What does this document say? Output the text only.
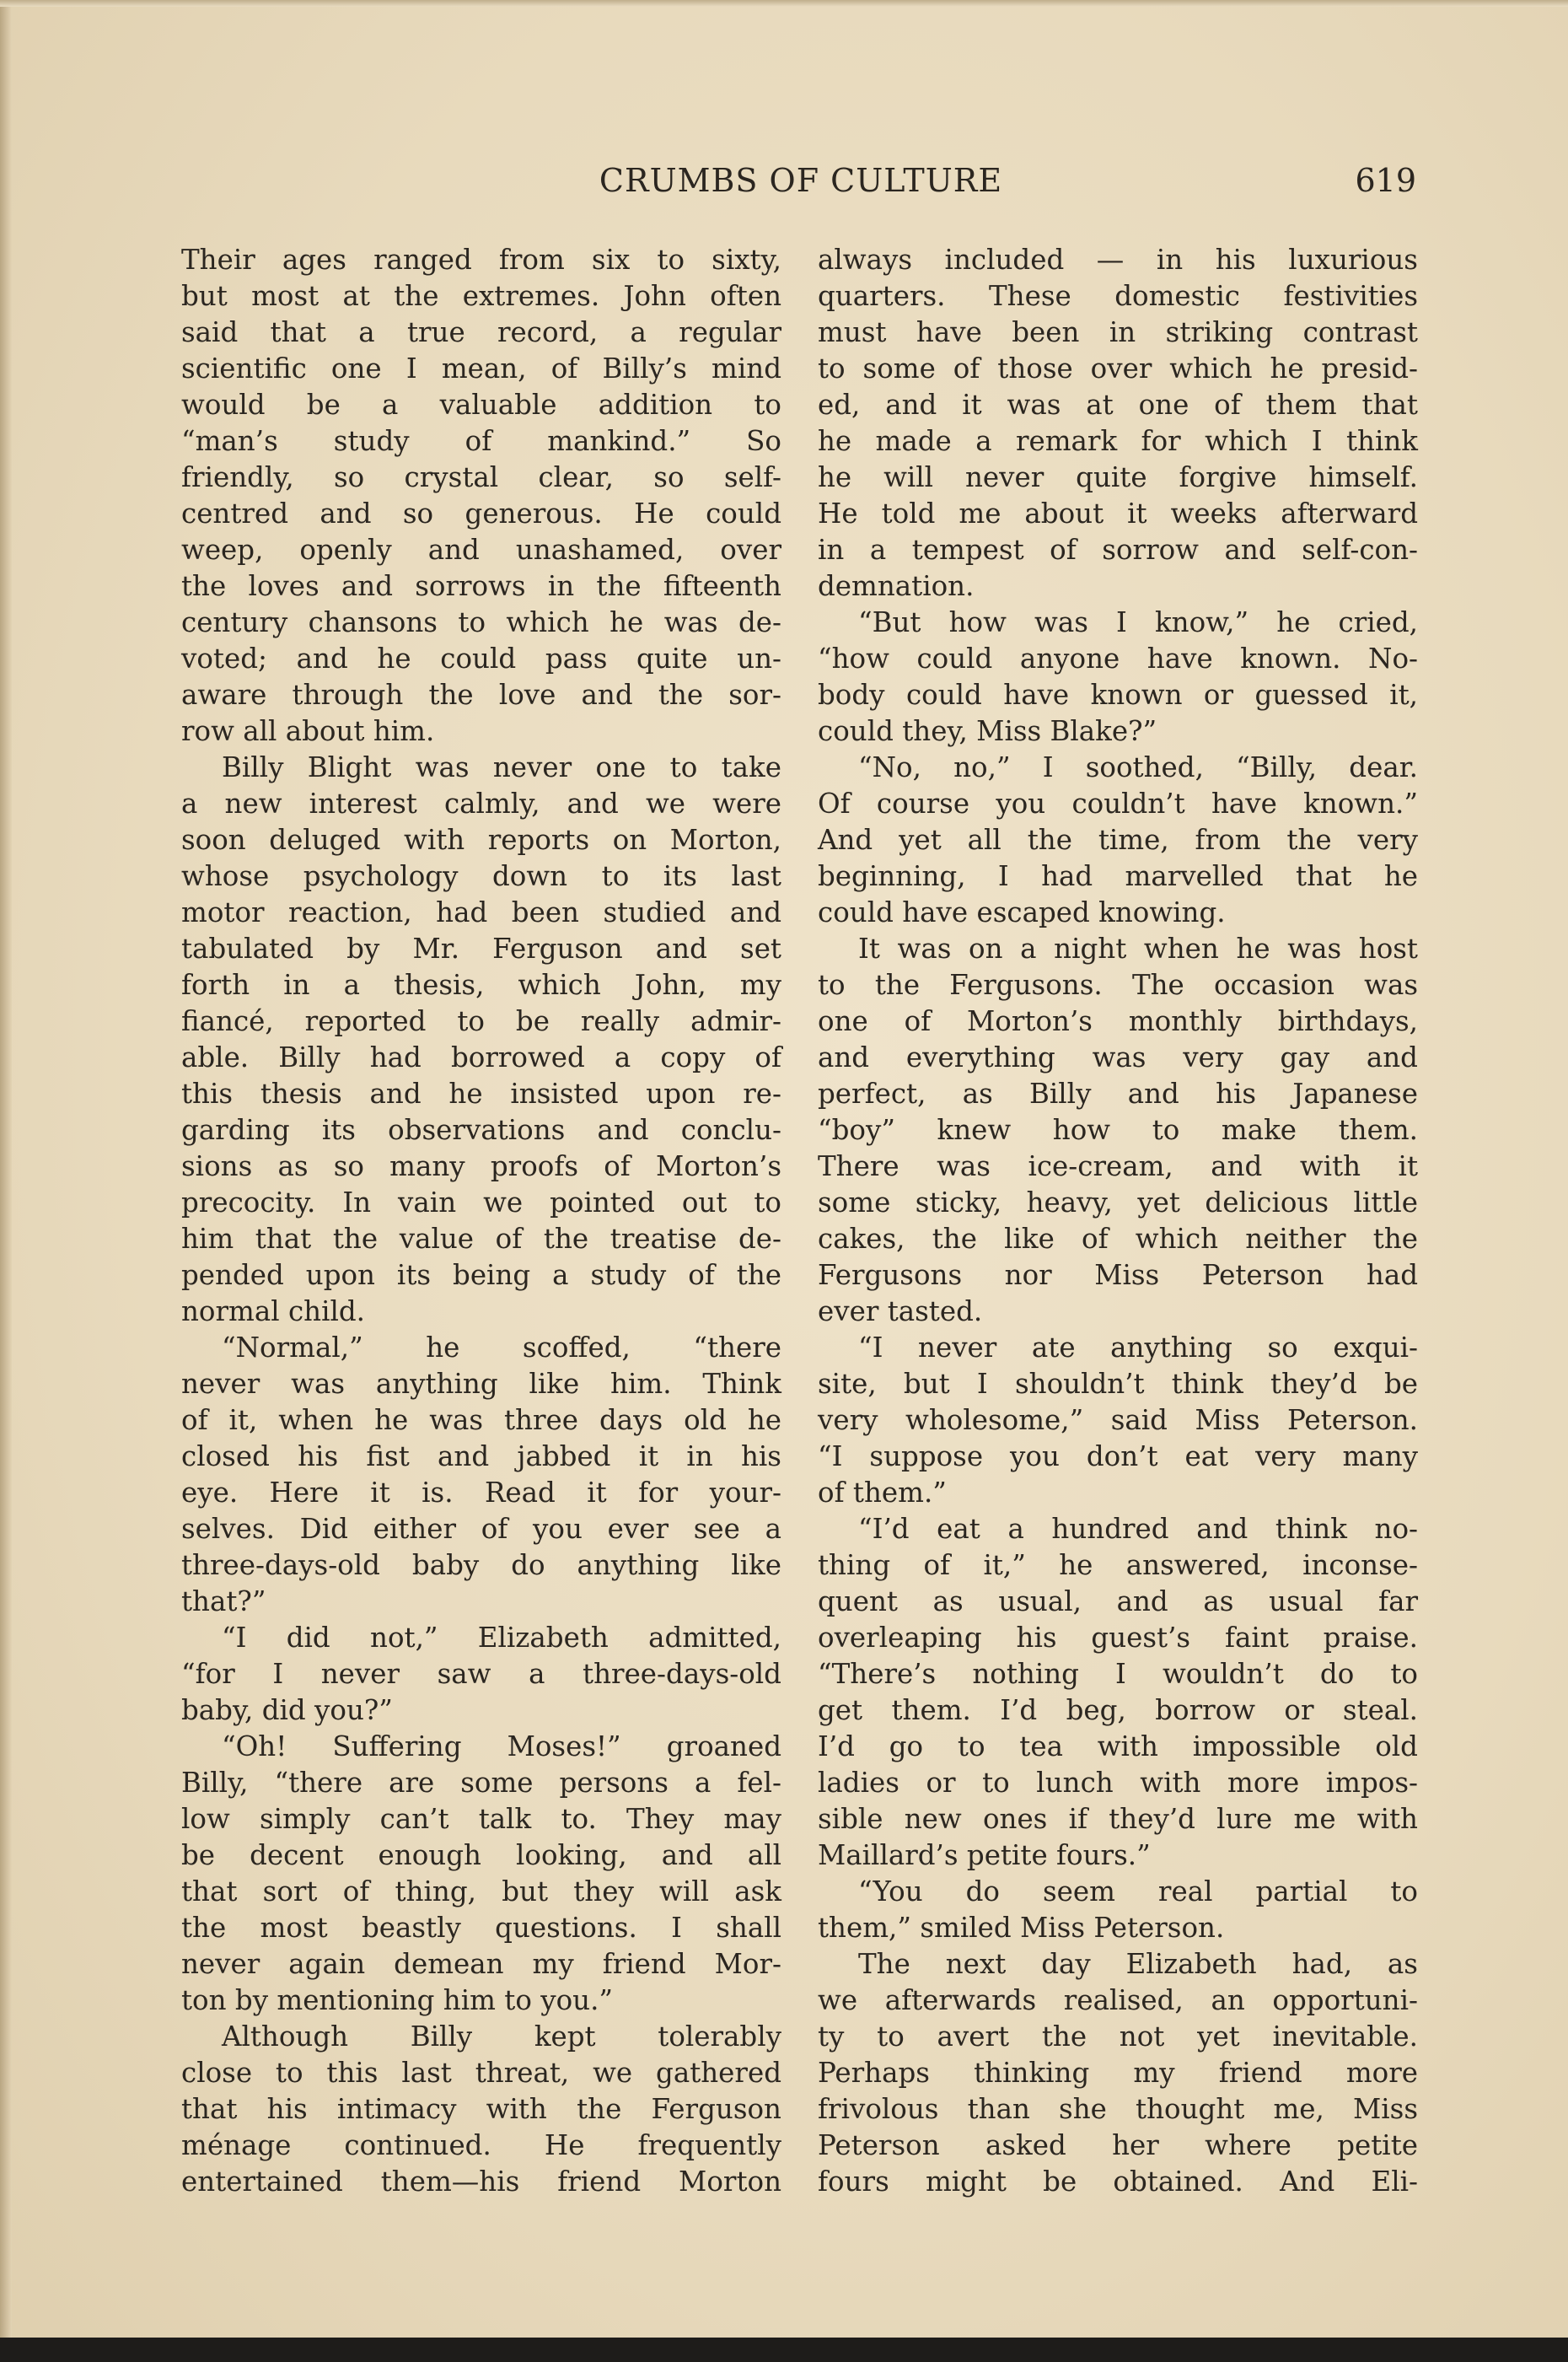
CRUMBS OF CULTURE	619
Their ages ranged from six to sixty,
but most at the extremes. John often
said that a true record, a regular
scientific one I mean, of Billy’s mind
would be a valuable addition to
“man’s study of mankind.” So
friendly, so crystal clear, so self-
centred and so generous. He could
weep, openly and unashamed, over
the loves and sorrows in the fifteenth
century chansons to which he was de-
voted; and he could pass quite un-
aware through the love and the sor-
row all about him.
Billy Blight was never one to take
a new interest calmly, and we were
soon deluged with reports on Morton,
whose psychology down to its last
motor reaction, had been studied and
tabulated by Mr. Ferguson and set
forth in a thesis, which John, my
fiancé, reported to be really admir-
able. Billy had borrowed a copy of
this thesis and he insisted upon re-
garding its observations and conclu-
sions as so many proofs of Morton’s
precocity. In vain we pointed out to
him that the value of the treatise de-
pended upon its being a study of the
normal child.
“Normal,” he scoffed, “there
never was anything like him. Think
of it, when he was three days old he
closed his fist and jabbed it in his
eye. Here it is. Read it for your-
selves. Did either of you ever see a
three-days-old baby do anything like
that?”
“I did not,” Elizabeth admitted,
“for I never saw a three-days-old
baby, did you?”
“Oh! Suffering Moses!” groaned
Billy, “there are some persons a fel-
low simply can’t talk to. They may
be decent enough looking, and all
that sort of thing, but they will ask
the most beastly questions. I shall
never again demean my friend Mor-
ton by mentioning him to you.”
Although Billy kept tolerably
close to this last threat, we gathered
that his intimacy with the Ferguson
ménage continued. He frequently
entertained them—his friend Morton
always included — in his luxurious
quarters. These domestic festivities
must have been in striking contrast
to some of those over which he presid-
ed, and it was at one of them that
he made a remark for which I think
he will never quite forgive himself.
He told me about it weeks afterward
in a tempest of sorrow and self-con-
demnation.
“But how was I know,” he cried,
“how could anyone have known. No-
body could have known or guessed it,
could they, Miss Blake?”
“No, no,” I soothed, “Billy, dear.
Of course you couldn’t have known.”
And yet all the time, from the very
beginning, I had marvelled that he
could have escaped knowing.
It was on a night when he was host
to the Fergusons. The occasion was
one of Morton’s monthly birthdays,
and everything was very gay and
perfect, as Billy and his Japanese
“boy” knew how to make them.
There was ice-cream, and with it
some sticky, heavy, yet delicious little
cakes, the like of which neither the
Fergusons nor Miss Peterson had
ever tasted.
“I never ate anything so exqui-
site, but I shouldn’t think they’d be
very wholesome,” said Miss Peterson.
“I suppose you don’t eat very many
of them.”
“I’d eat a hundred and think no-
thing of it,” he answered, inconse-
quent as usual, and as usual far
overleaping his guest’s faint praise.
“There’s nothing I wouldn’t do to
get them. I’d beg, borrow or steal.
I’d go to tea with impossible old
ladies or to lunch with more impos-
sible new ones if they’d lure me with
Maillard’s petite fours.”
“You do seem real partial to
them,” smiled Miss Peterson.
The next day Elizabeth had, as
we afterwards realised, an opportuni-
ty to avert the not yet inevitable.
Perhaps thinking my friend more
frivolous than she thought me, Miss
Peterson asked her where petite
fours might be obtained. And Eli-
